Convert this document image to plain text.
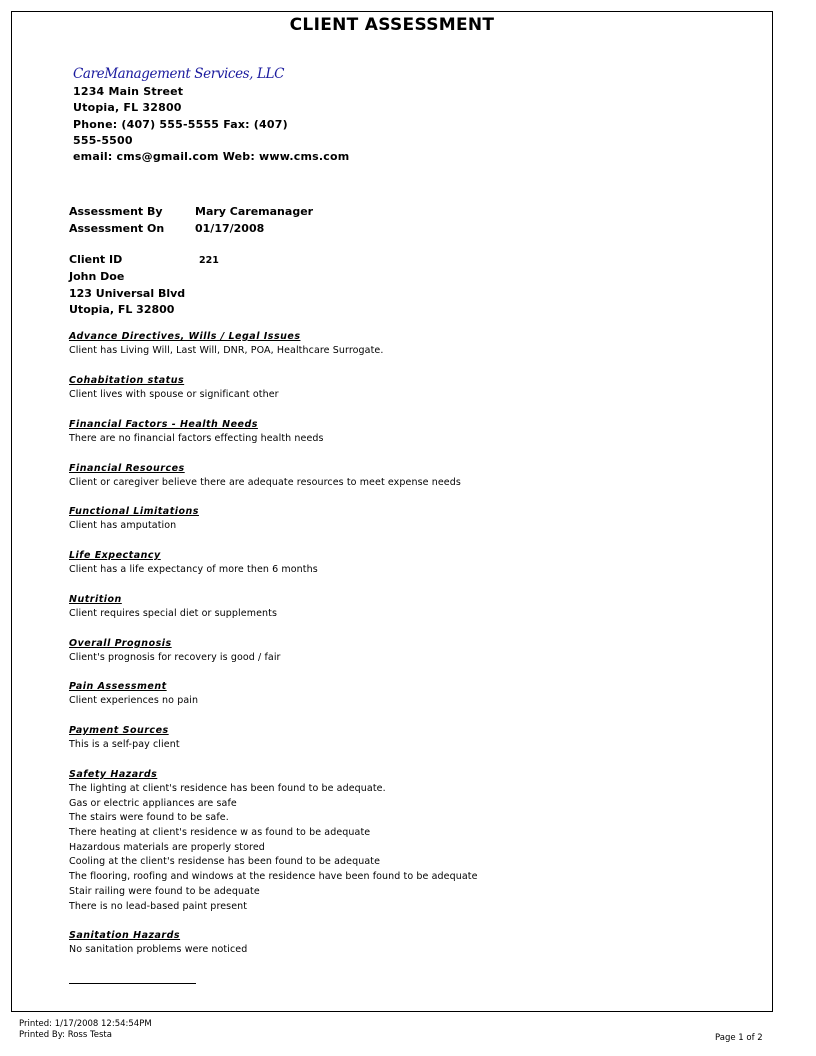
CLIENT ASSESSMENT
CareManagement Services, LLC
1234 Main Street
Utopia, FL 32800
Phone: (407) 555-5555 Fax: (407)
555-5500
email: cms@gmail.com Web: www.cms.com
Assessment By	Mary Caremanager
Assessment On	01/17/2008
Client ID	221
John Doe
123 Universal Blvd
Utopia, FL 32800
Advance Directives, Wills / Legal Issues
Client has Living Will, Last Will, DNR, POA, Healthcare Surrogate.
Cohabitation status
Client lives with spouse or significant other
Financial Factors - Health Needs
There are no financial factors effecting health needs
Financial Resources
Client or caregiver believe there are adequate resources to meet expense needs
Functional Limitations
Client has amputation
Life Expectancy
Client has a life expectancy of more then 6 months
Nutrition
Client requires special diet or supplements
Overall Prognosis
Client's prognosis for recovery is good / fair
Pain Assessment
Client experiences no pain
Payment Sources
This is a self-pay client
Safety Hazards
The lighting at client's residence has been found to be adequate.
Gas or electric appliances are safe
The stairs were found to be safe.
There heating at client's residence w as found to be adequate
Hazardous materials are properly stored
Cooling at the client's residense has been found to be adequate
The flooring, roofing and windows at the residence have been found to be adequate
Stair railing were found to be adequate
There is no lead-based paint present
Sanitation Hazards
No sanitation problems were noticed
Printed: 1/17/2008 12:54:54PM
Printed By: Ross Testa	Page 1 of 2
